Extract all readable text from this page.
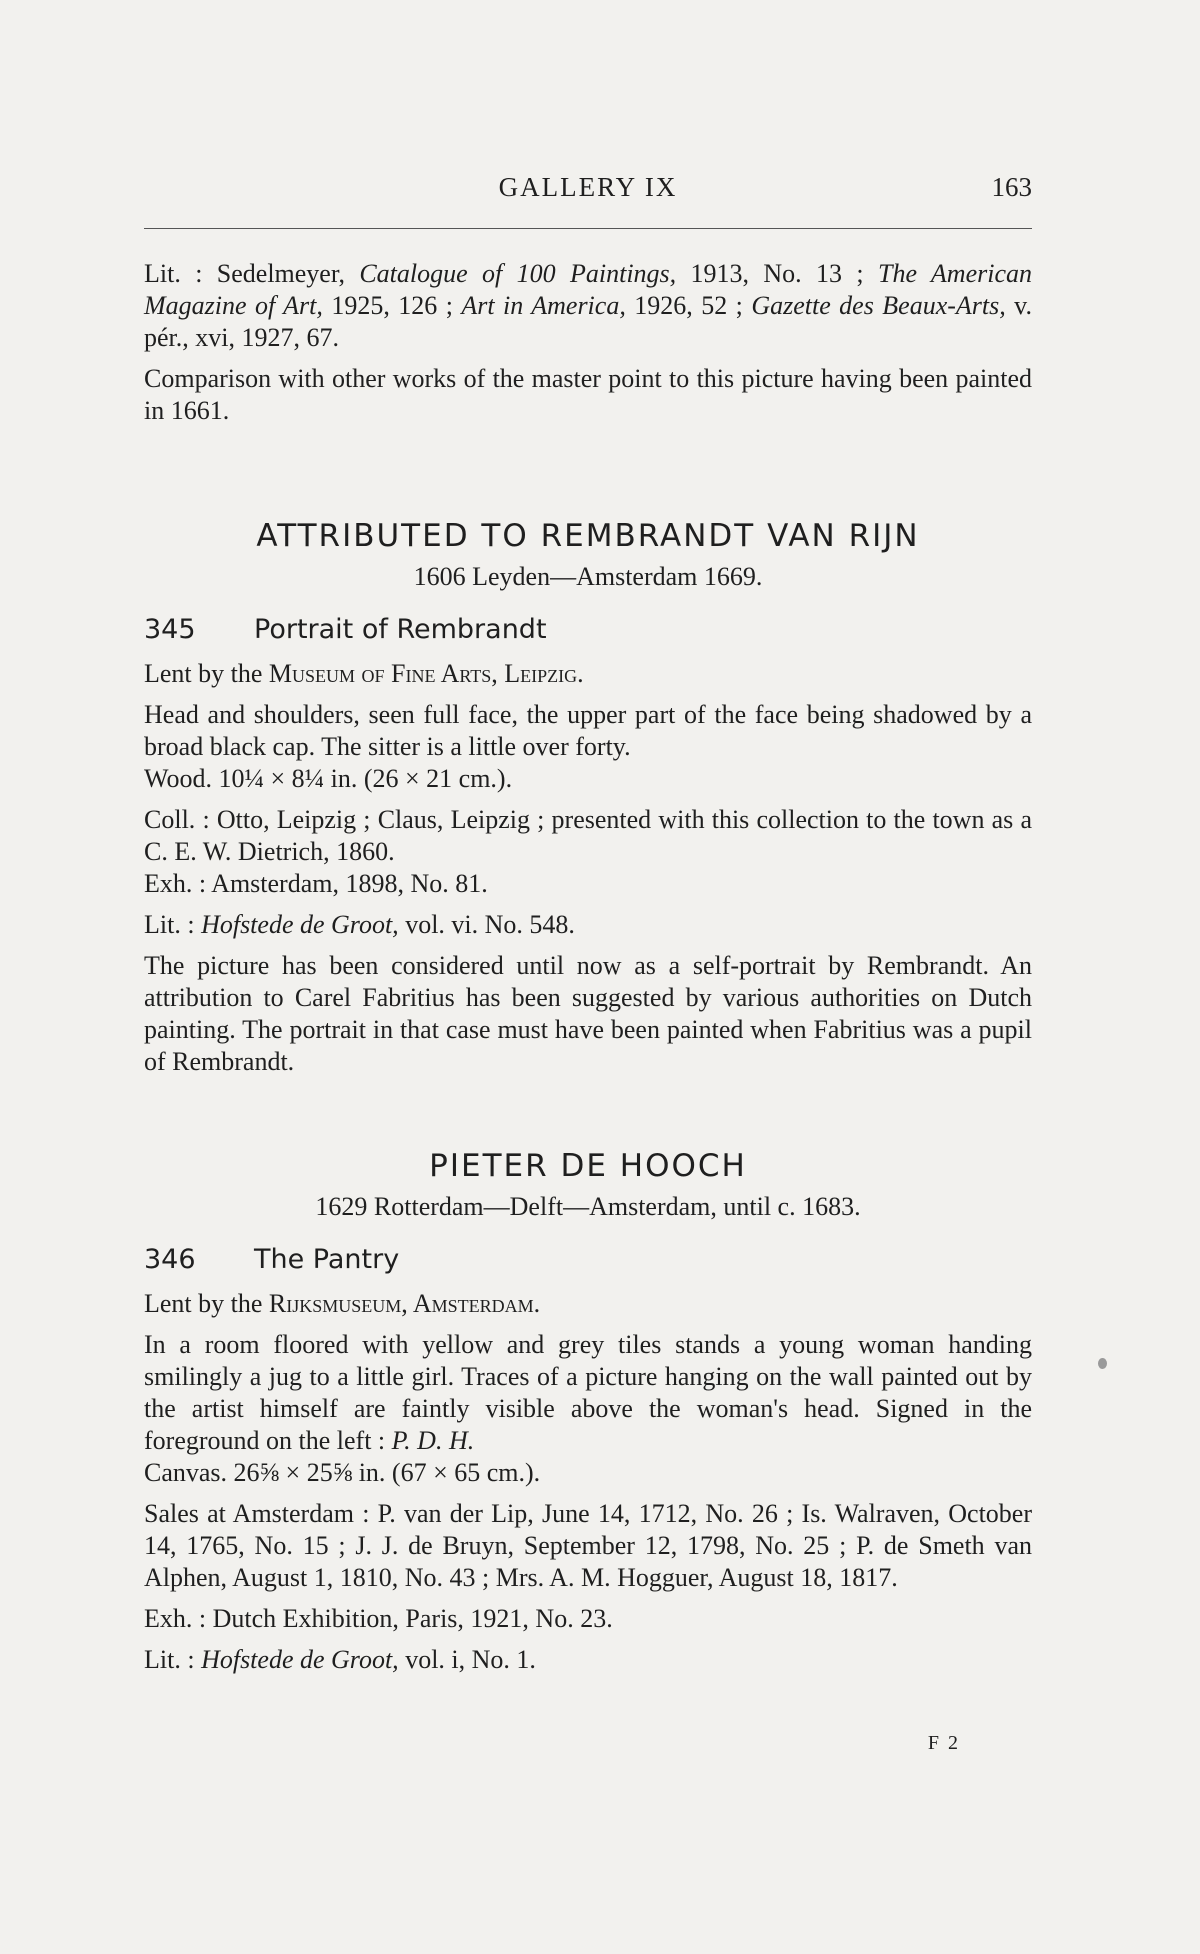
GALLERY IX	163

Lit. : Sedelmeyer, Catalogue of 100 Paintings, 1913, No. 13 ; The American Magazine of Art, 1925, 126 ; Art in America, 1926, 52 ; Gazette des Beaux-Arts, v. pér., xvi, 1927, 67.

Comparison with other works of the master point to this picture having been painted in 1661.

ATTRIBUTED TO REMBRANDT VAN RIJN
1606 Leyden—Amsterdam 1669.
345	Portrait of Rembrandt
Lent by the Museum of Fine Arts, Leipzig.

Head and shoulders, seen full face, the upper part of the face being shadowed by a broad black cap. The sitter is a little over forty.

Wood. 10¼ × 8¼ in. (26 × 21 cm.).

Coll. : Otto, Leipzig ; Claus, Leipzig ; presented with this collection to the town as a C. E. W. Dietrich, 1860.

Exh. : Amsterdam, 1898, No. 81.

Lit. : Hofstede de Groot, vol. vi. No. 548.

The picture has been considered until now as a self-portrait by Rembrandt. An attribution to Carel Fabritius has been suggested by various authorities on Dutch painting. The portrait in that case must have been painted when Fabritius was a pupil of Rembrandt.

PIETER DE HOOCH
1629 Rotterdam—Delft—Amsterdam, until c. 1683.
346	The Pantry
Lent by the Rijksmuseum, Amsterdam.

In a room floored with yellow and grey tiles stands a young woman handing smilingly a jug to a little girl. Traces of a picture hanging on the wall painted out by the artist himself are faintly visible above the woman's head. Signed in the foreground on the left : P. D. H.

Canvas. 26⅝ × 25⅝ in. (67 × 65 cm.).

Sales at Amsterdam : P. van der Lip, June 14, 1712, No. 26 ; Is. Walraven, October 14, 1765, No. 15 ; J. J. de Bruyn, September 12, 1798, No. 25 ; P. de Smeth van Alphen, August 1, 1810, No. 43 ; Mrs. A. M. Hogguer, August 18, 1817.

Exh. : Dutch Exhibition, Paris, 1921, No. 23.

Lit. : Hofstede de Groot, vol. i, No. 1.

F 2
